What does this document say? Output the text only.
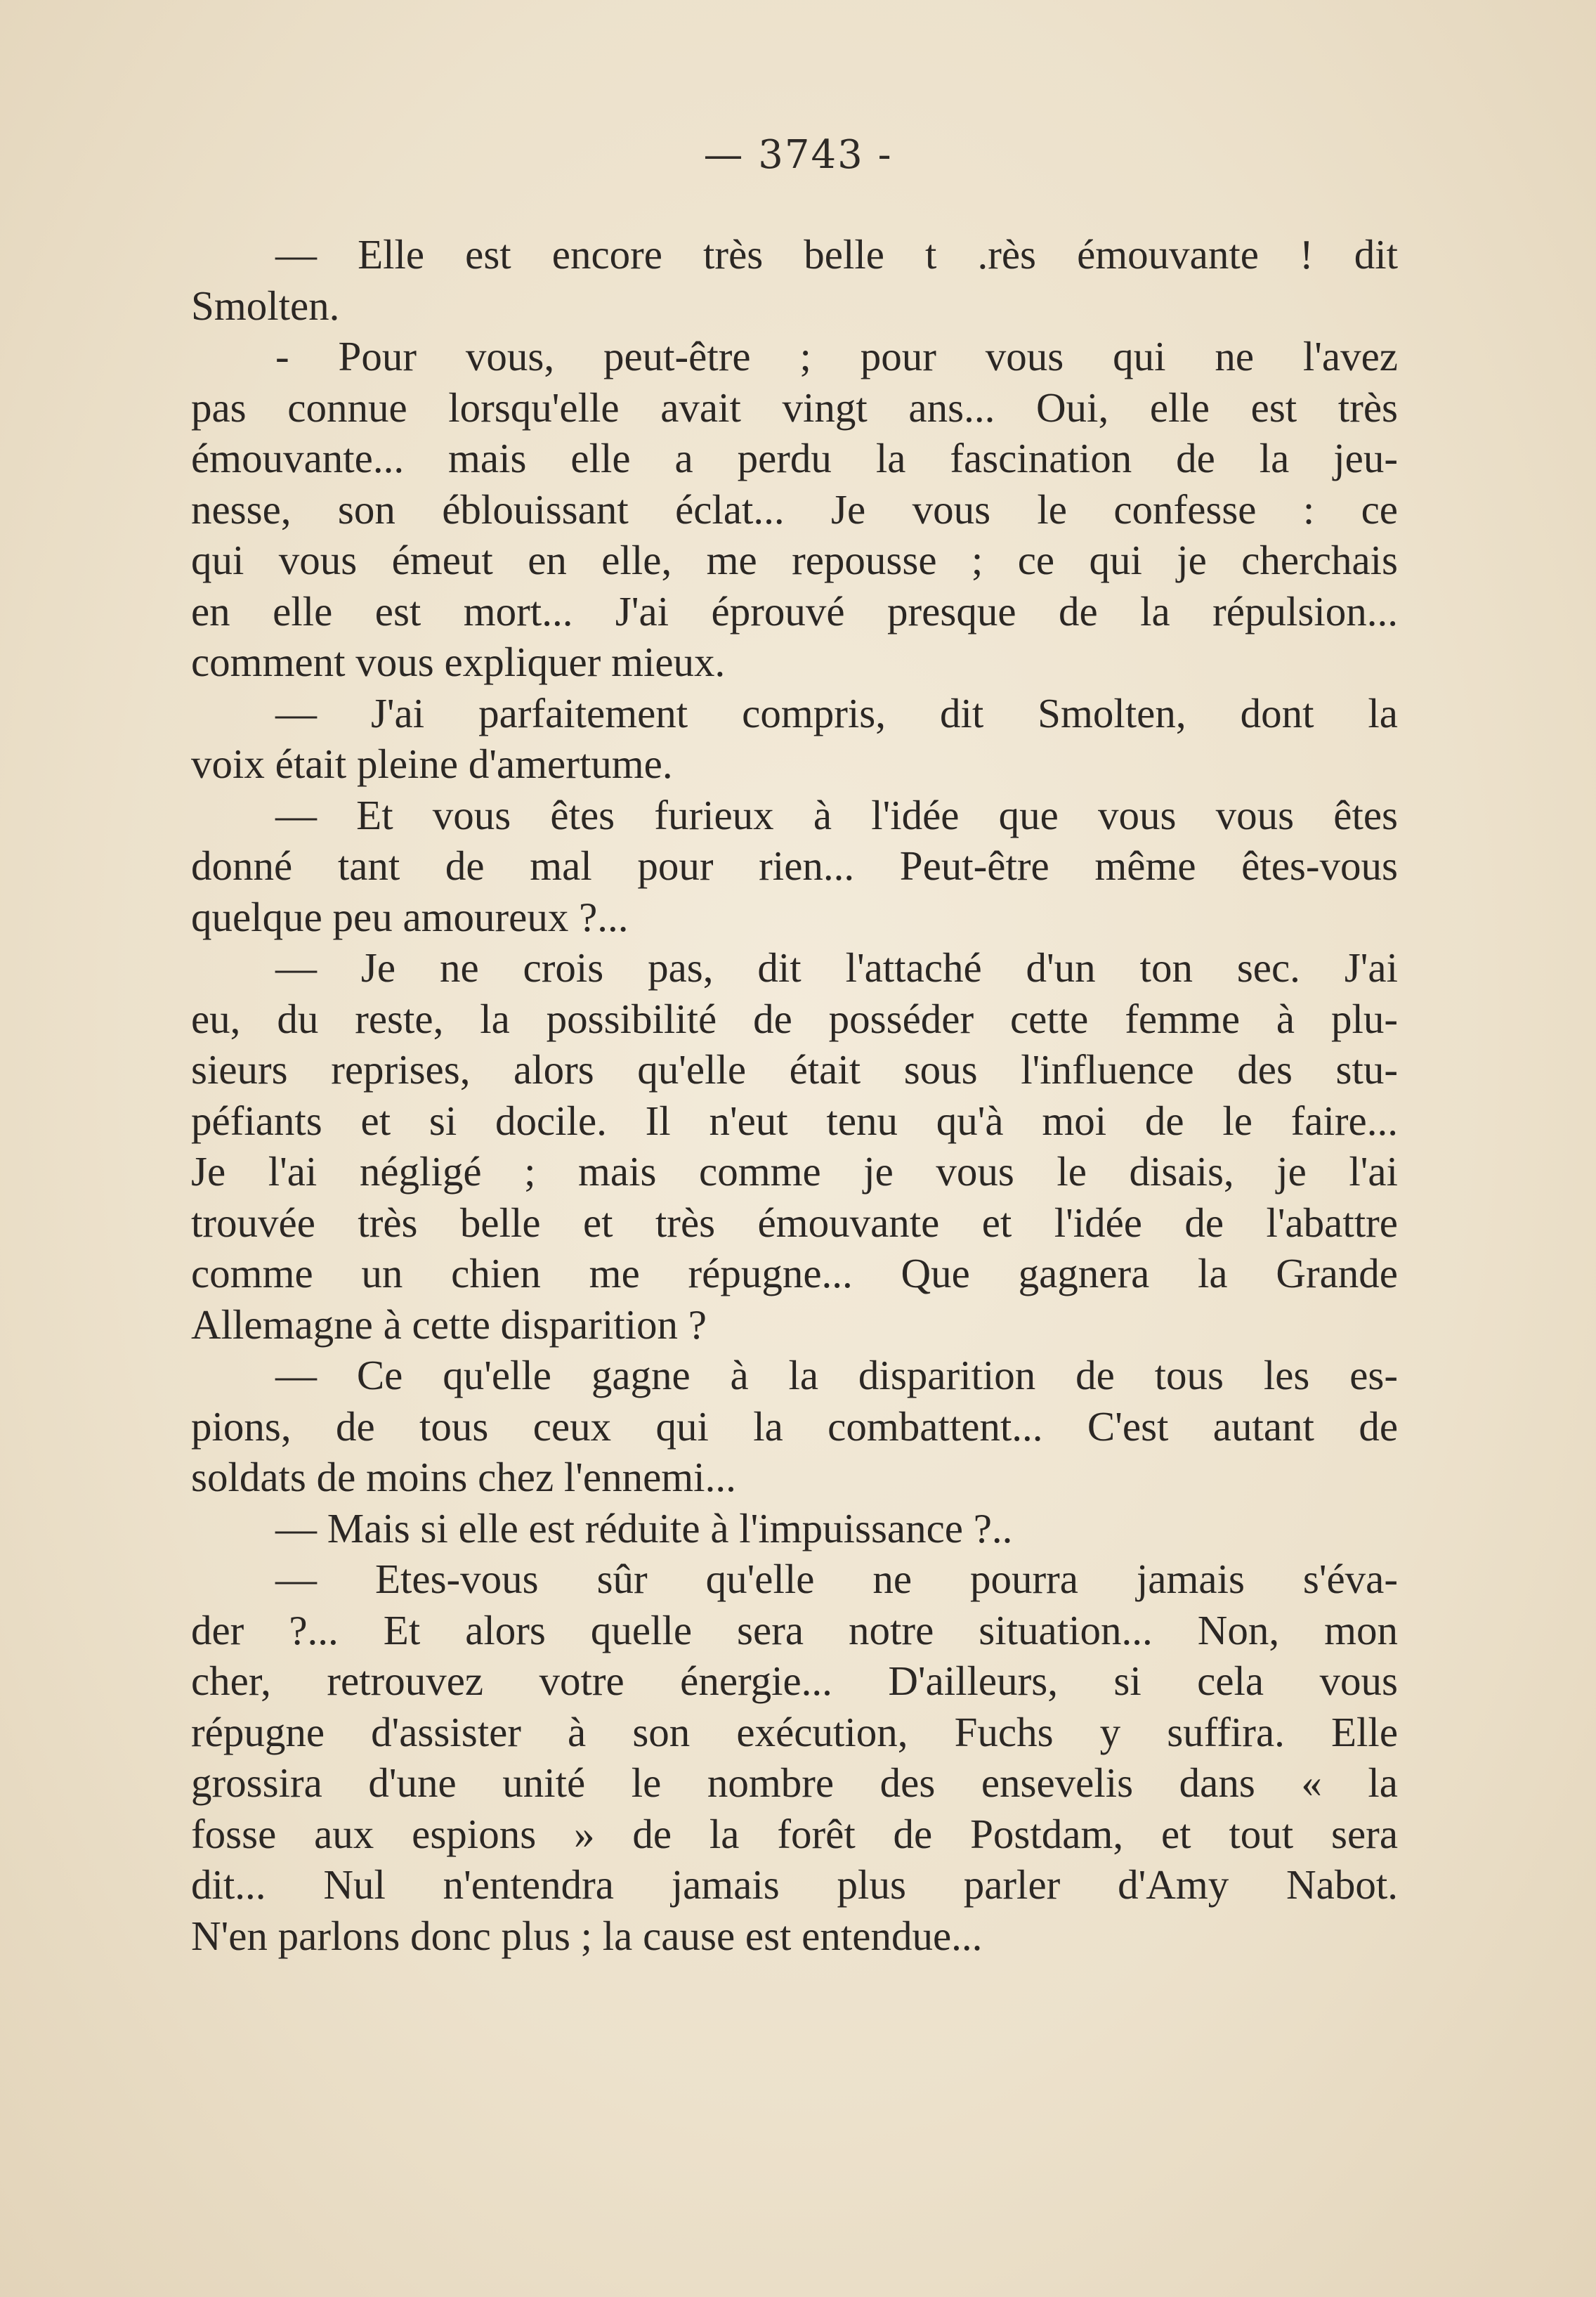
— 3743 -
— Elle est encore très belle t .rès émouvante ! dit
Smolten.
- Pour vous, peut-être ; pour vous qui ne l'avez
pas connue lorsqu'elle avait vingt ans... Oui, elle est très
émouvante... mais elle a perdu la fascination de la jeu-
nesse, son éblouissant éclat... Je vous le confesse : ce
qui vous émeut en elle, me repousse ; ce qui je cherchais
en elle est mort... J'ai éprouvé presque de la répulsion...
comment vous expliquer mieux.
— J'ai parfaitement compris, dit Smolten, dont la
voix était pleine d'amertume.
— Et vous êtes furieux à l'idée que vous vous êtes
donné tant de mal pour rien... Peut-être même êtes-vous
quelque peu amoureux ?...
— Je ne crois pas, dit l'attaché d'un ton sec. J'ai
eu, du reste, la possibilité de posséder cette femme à plu-
sieurs reprises, alors qu'elle était sous l'influence des stu-
péfiants et si docile. Il n'eut tenu qu'à moi de le faire...
Je l'ai négligé ; mais comme je vous le disais, je l'ai
trouvée très belle et très émouvante et l'idée de l'abattre
comme un chien me répugne... Que gagnera la Grande
Allemagne à cette disparition ?
— Ce qu'elle gagne à la disparition de tous les es-
pions, de tous ceux qui la combattent... C'est autant de
soldats de moins chez l'ennemi...
— Mais si elle est réduite à l'impuissance ?..
— Etes-vous sûr qu'elle ne pourra jamais s'éva-
der ?... Et alors quelle sera notre situation... Non, mon
cher, retrouvez votre énergie... D'ailleurs, si cela vous
répugne d'assister à son exécution, Fuchs y suffira. Elle
grossira d'une unité le nombre des ensevelis dans « la
fosse aux espions » de la forêt de Postdam, et tout sera
dit... Nul n'entendra jamais plus parler d'Amy Nabot.
N'en parlons donc plus ; la cause est entendue...
